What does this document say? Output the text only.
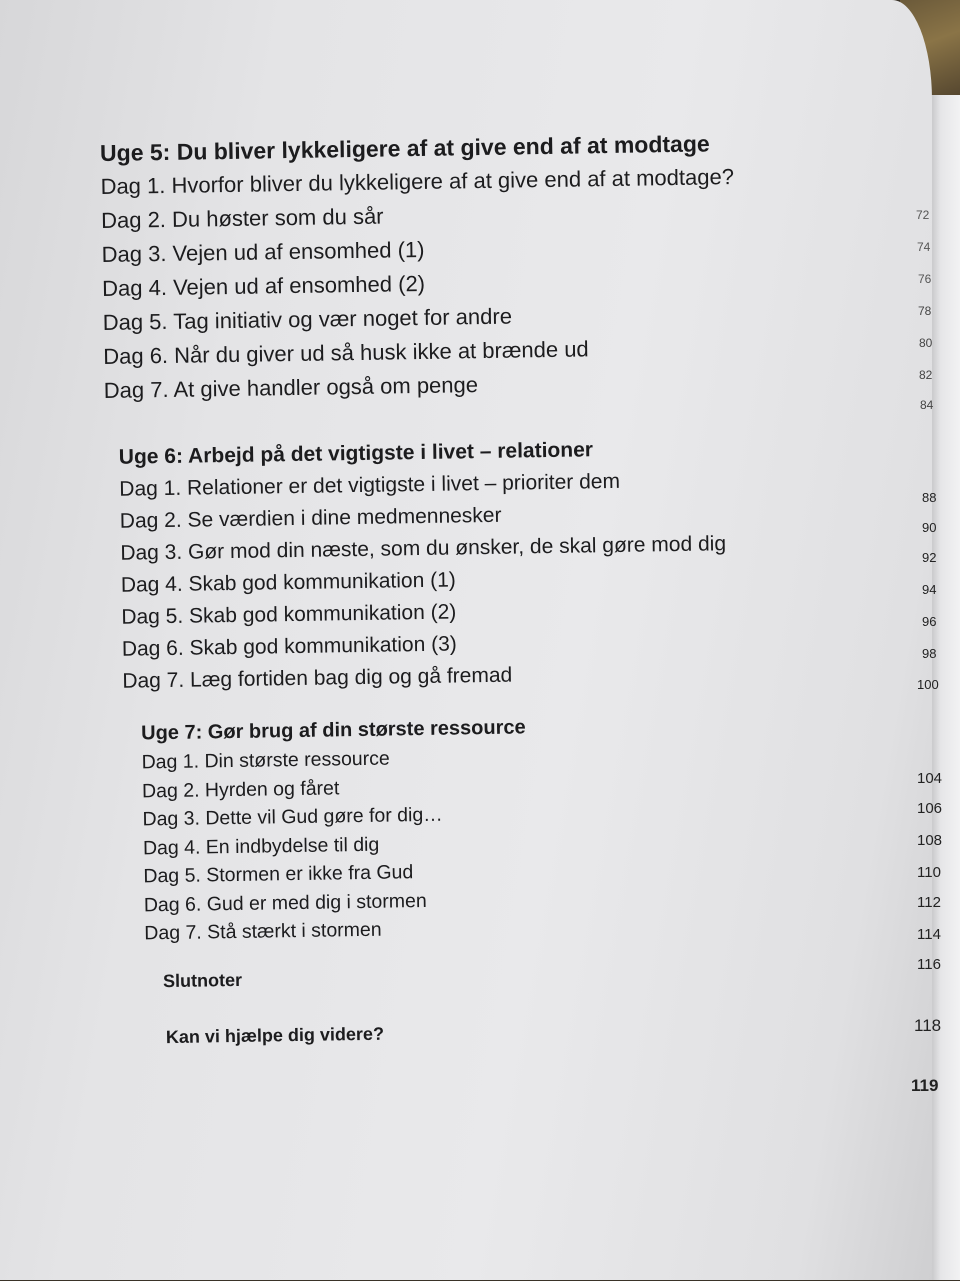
Uge 5: Du bliver lykkeligere af at give end af at modtage
Dag 1. Hvorfor bliver du lykkeligere af at give end af at modtage?
Dag 2. Du høster som du sår
Dag 3. Vejen ud af ensomhed (1)
Dag 4. Vejen ud af ensomhed (2)
Dag 5. Tag initiativ og vær noget for andre
Dag 6. Når du giver ud så husk ikke at brænde ud
Dag 7. At give handler også om penge
Uge 6: Arbejd på det vigtigste i livet – relationer
Dag 1. Relationer er det vigtigste i livet – prioriter dem
Dag 2. Se værdien i dine medmennesker
Dag 3. Gør mod din næste, som du ønsker, de skal gøre mod dig
Dag 4. Skab god kommunikation (1)
Dag 5. Skab god kommunikation (2)
Dag 6. Skab god kommunikation (3)
Dag 7. Læg fortiden bag dig og gå fremad
Uge 7: Gør brug af din største ressource
Dag 1. Din største ressource
Dag 2. Hyrden og fåret
Dag 3. Dette vil Gud gøre for dig…
Dag 4. En indbydelse til dig
Dag 5. Stormen er ikke fra Gud
Dag 6. Gud er med dig i stormen
Dag 7. Stå stærkt i stormen
Slutnoter
Kan vi hjælpe dig videre?
72
74
76
78
80
82
84
88
90
92
94
96
98
100
104
106
108
110
112
114
116
118
119
